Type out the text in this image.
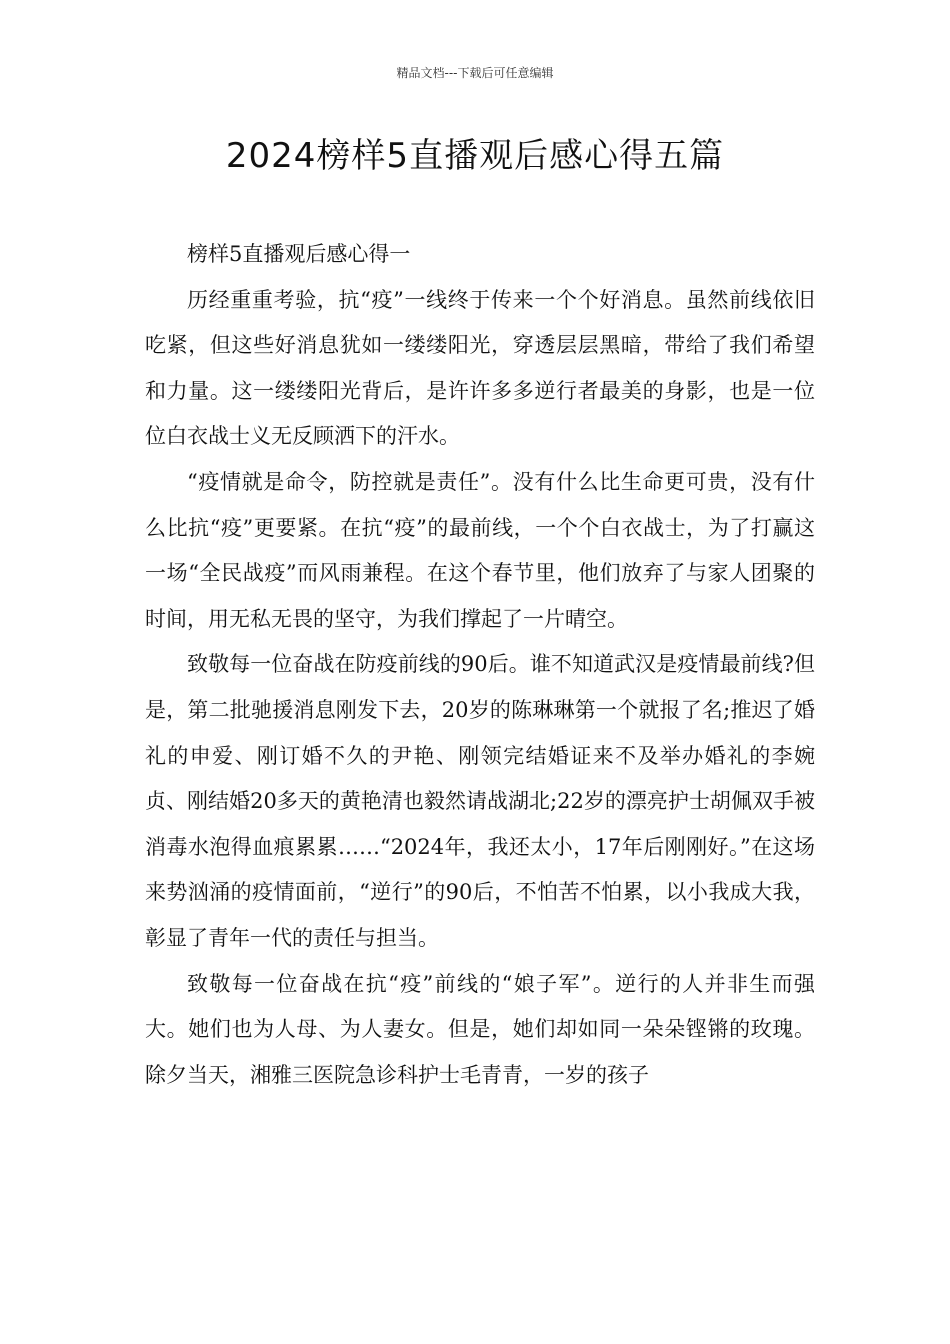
精品文档---下载后可任意编辑
2024榜样5直播观后感心得五篇

榜样5直播观后感心得一

历经重重考验，抗“疫”一线终于传来一个个好消息。虽然前线依旧吃紧，但这些好消息犹如一缕缕阳光，穿透层层黑暗，带给了我们希望和力量。这一缕缕阳光背后，是许许多多逆行者最美的身影，也是一位位白衣战士义无反顾洒下的汗水。

“疫情就是命令，防控就是责任”。没有什么比生命更可贵，没有什么比抗“疫”更要紧。在抗“疫”的最前线，一个个白衣战士，为了打赢这一场“全民战疫”而风雨兼程。在这个春节里，他们放弃了与家人团聚的时间，用无私无畏的坚守，为我们撑起了一片晴空。

致敬每一位奋战在防疫前线的90后。谁不知道武汉是疫情最前线?但是，第二批驰援消息刚发下去，20岁的陈琳琳第一个就报了名;推迟了婚礼的申爱、刚订婚不久的尹艳、刚领完结婚证来不及举办婚礼的李婉贞、刚结婚20多天的黄艳清也毅然请战湖北;22岁的漂亮护士胡佩双手被消毒水泡得血痕累累……“2024年，我还太小，17年后刚刚好。”在这场来势汹涌的疫情面前，“逆行”的90后，不怕苦不怕累，以小我成大我，彰显了青年一代的责任与担当。

致敬每一位奋战在抗“疫”前线的“娘子军”。逆行的人并非生而强大。她们也为人母、为人妻女。但是，她们却如同一朵朵铿锵的玫瑰。除夕当天，湘雅三医院急诊科护士毛青青，一岁的孩子
